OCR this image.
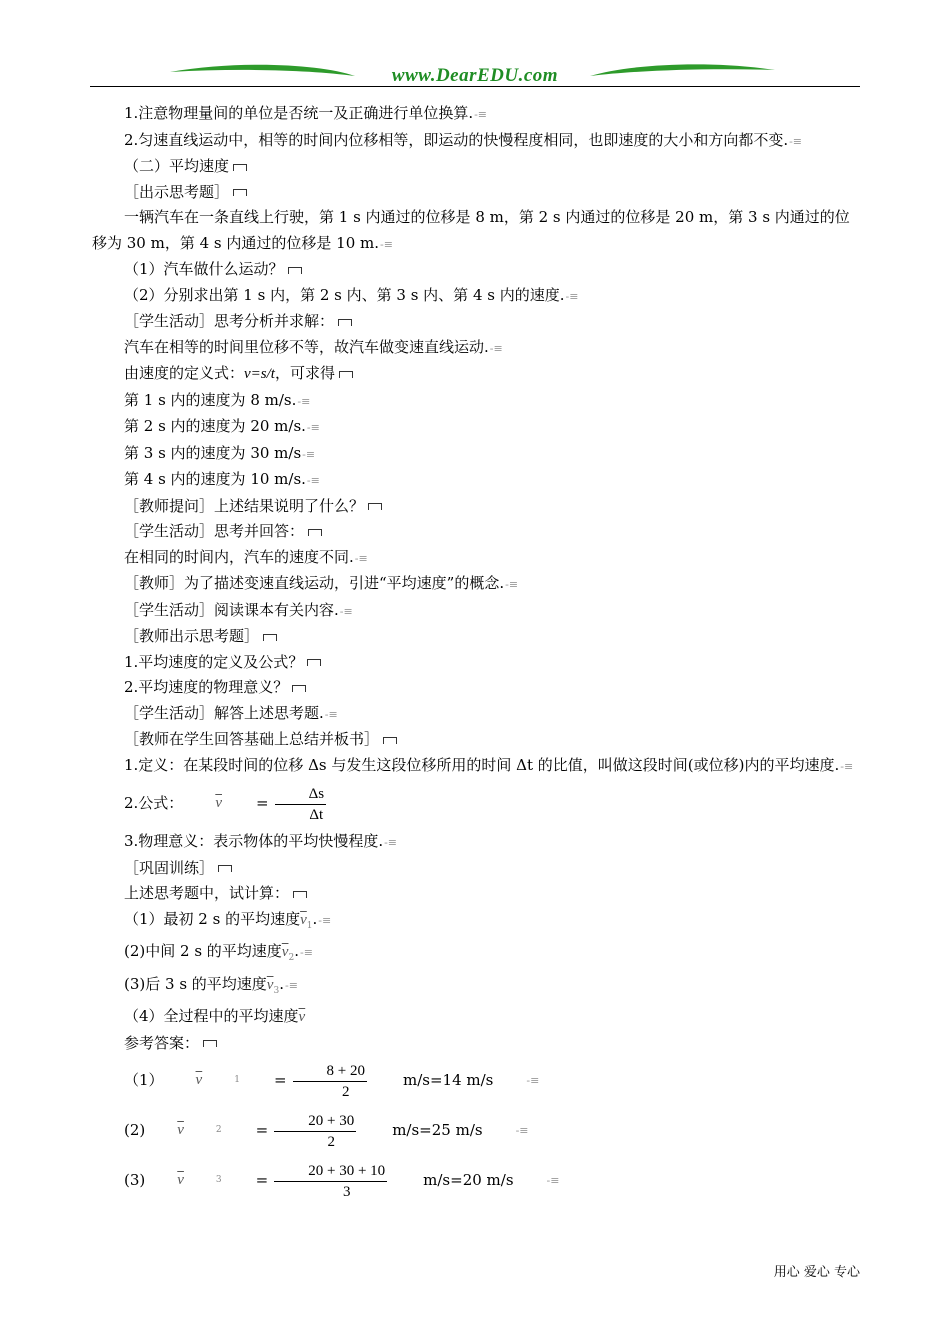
www.DearEDU.com

1.注意物理量间的单位是否统一及正确进行单位换算.-≡

2.匀速直线运动中，相等的时间内位移相等，即运动的快慢程度相同，也即速度的大小和方向都不变.-≡

（二）平均速度

［出示思考题］

一辆汽车在一条直线上行驶，第 1 s 内通过的位移是 8 m，第 2 s 内通过的位移是 20 m，第 3 s 内通过的位移为 30 m，第 4 s 内通过的位移是 10 m.-≡

（1）汽车做什么运动？

（2）分别求出第 1 s 内，第 2 s 内、第 3 s 内、第 4 s 内的速度.-≡

［学生活动］思考分析并求解：

汽车在相等的时间里位移不等，故汽车做变速直线运动.-≡

由速度的定义式：v=s/t，可求得

第 1 s 内的速度为 8 m/s.-≡

第 2 s 内的速度为 20 m/s.-≡

第 3 s 内的速度为 30 m/s-≡

第 4 s 内的速度为 10 m/s.-≡

［教师提问］上述结果说明了什么？

［学生活动］思考并回答：

在相同的时间内，汽车的速度不同.-≡

［教师］为了描述变速直线运动，引进“平均速度”的概念.-≡

［学生活动］阅读课本有关内容.-≡

［教师出示思考题］

1.平均速度的定义及公式？

2.平均速度的物理意义？

［学生活动］解答上述思考题.-≡

［教师在学生回答基础上总结并板书］

1.定义：在某段时间的位移 Δs 与发生这段位移所用的时间 Δt 的比值，叫做这段时间(或位移)内的平均速度.-≡

2.公式：	$\overline{v}$	= $\frac{\Delta s}{\Delta t}$

3.物理意义：表示物体的平均快慢程度.-≡

［巩固训练］

上述思考题中，试计算：

（1）最初 2 s 的平均速度$\overline{v}_1.-\equiv$

(2)中间 2 s 的平均速度$\overline{v}_2.-\equiv$

(3)后 3 s 的平均速度$\overline{v}_3.-\equiv$

（4）全过程中的平均速度$\overline{v}$

参考答案：

（1）	$\overline{v}$	1	= $\frac{8 + 20}{2}$	m/s=14 m/s	-≡
(2)	$\overline{v}$	2	= $\frac{20 + 30}{2}$	m/s=25 m/s	-≡
(3)	$\overline{v}$	3	= $\frac{20 + 30 + 10}{3}$	m/s=20 m/s	-≡
用心 爱心 专心
